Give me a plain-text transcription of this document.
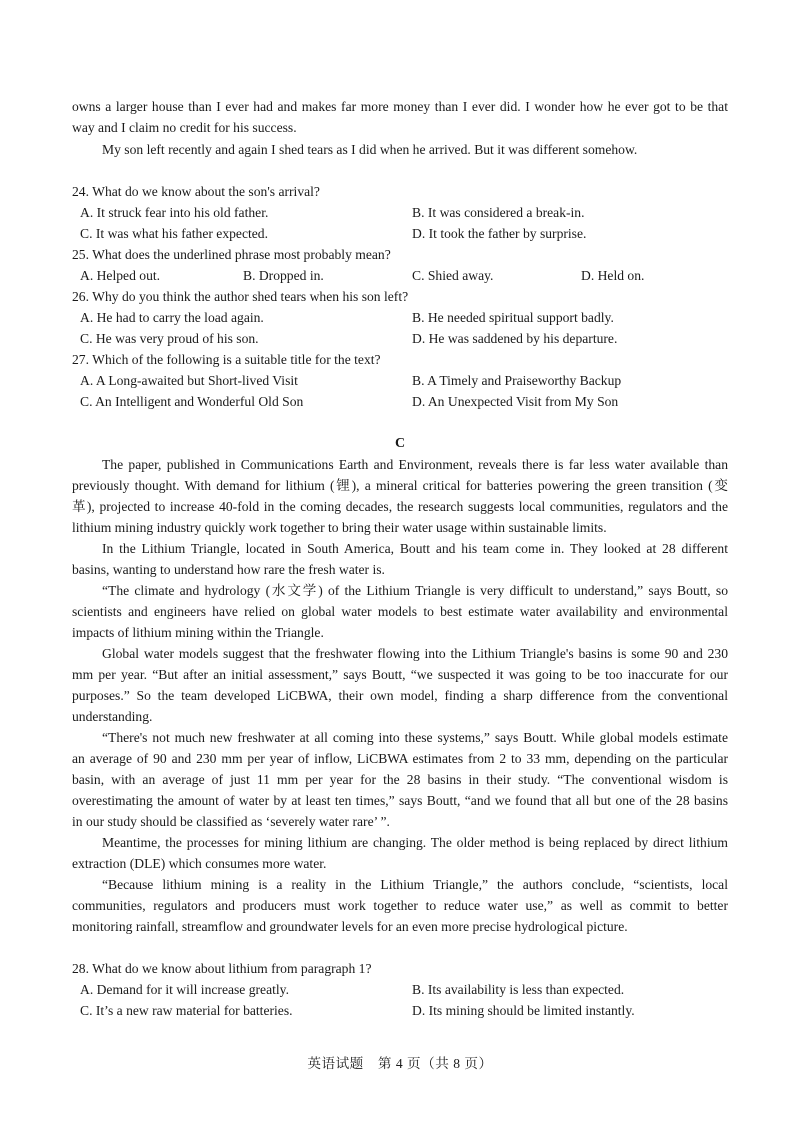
owns a larger house than I ever had and makes far more money than I ever did. I wonder how he ever got to be that
way and I claim no credit for his success.
My son left recently and again I shed tears as I did when he arrived. But it was different somehow.
24. What do we know about the son's arrival?
A. It struck fear into his old father.	B. It was considered a break-in.
C. It was what his father expected.	D. It took the father by surprise.
25. What does the underlined phrase most probably mean?
A. Helped out.	B. Dropped in.	C. Shied away.	D. Held on.
26. Why do you think the author shed tears when his son left?
A. He had to carry the load again.	B. He needed spiritual support badly.
C. He was very proud of his son.	D. He was saddened by his departure.
27. Which of the following is a suitable title for the text?
A. A Long-awaited but Short-lived Visit	B. A Timely and Praiseworthy Backup
C. An Intelligent and Wonderful Old Son	D. An Unexpected Visit from My Son
C
The paper, published in Communications Earth and Environment, reveals there is far less water available than
previously thought. With demand for lithium (锂), a mineral critical for batteries powering the green transition (变
革), projected to increase 40-fold in the coming decades, the research suggests local communities, regulators and the
lithium mining industry quickly work together to bring their water usage within sustainable limits.
In the Lithium Triangle, located in South America, Boutt and his team come in. They looked at 28 different
basins, wanting to understand how rare the fresh water is.
“The climate and hydrology (水文学) of the Lithium Triangle is very difficult to understand,” says Boutt, so
scientists and engineers have relied on global water models to best estimate water availability and environmental
impacts of lithium mining within the Triangle.
Global water models suggest that the freshwater flowing into the Lithium Triangle's basins is some 90 and 230
mm per year. “But after an initial assessment,” says Boutt, “we suspected it was going to be too inaccurate for our
purposes.” So the team developed LiCBWA, their own model, finding a sharp difference from the conventional
understanding.
“There's not much new freshwater at all coming into these systems,” says Boutt. While global models estimate
an average of 90 and 230 mm per year of inflow, LiCBWA estimates from 2 to 33 mm, depending on the particular
basin, with an average of just 11 mm per year for the 28 basins in their study. “The conventional wisdom is
overestimating the amount of water by at least ten times,” says Boutt, “and we found that all but one of the 28 basins
in our study should be classified as ‘severely water rare’ ”.
Meantime, the processes for mining lithium are changing. The older method is being replaced by direct lithium
extraction (DLE) which consumes more water.
“Because lithium mining is a reality in the Lithium Triangle,” the authors conclude, “scientists, local
communities, regulators and producers must work together to reduce water use,” as well as commit to better
monitoring rainfall, streamflow and groundwater levels for an even more precise hydrological picture.
28. What do we know about lithium from paragraph 1?
A. Demand for it will increase greatly.	B. Its availability is less than expected.
C. It’s a new raw material for batteries.	D. Its mining should be limited instantly.
英语试题　第 4 页（共 8 页）
